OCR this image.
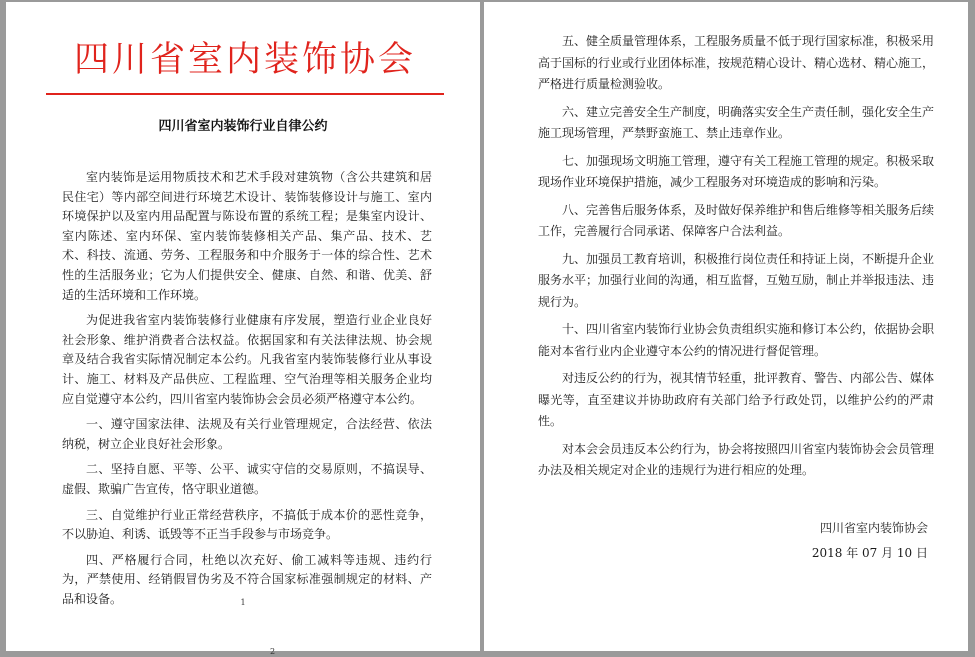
四川省室内装饰协会
四川省室内装饰行业自律公约

室内装饰是运用物质技术和艺术手段对建筑物（含公共建筑和居民住宅）等内部空间进行环境艺术设计、装饰装修设计与施工、室内环境保护以及室内用品配置与陈设布置的系统工程；是集室内设计、室内陈述、室内环保、室内装饰装修相关产品、集产品、技术、艺术、科技、流通、劳务、工程服务和中介服务于一体的综合性、艺术性的生活服务业；它为人们提供安全、健康、自然、和谐、优美、舒适的生活环境和工作环境。

为促进我省室内装饰装修行业健康有序发展，塑造行业企业良好社会形象、维护消费者合法权益。依据国家和有关法律法规、协会规章及结合我省实际情况制定本公约。凡我省室内装饰装修行业从事设计、施工、材料及产品供应、工程监理、空气治理等相关服务企业均应自觉遵守本公约，四川省室内装饰协会会员必须严格遵守本公约。

一、遵守国家法律、法规及有关行业管理规定，合法经营、依法纳税，树立企业良好社会形象。

二、坚持自愿、平等、公平、诚实守信的交易原则，不搞误导、虚假、欺骗广告宣传，恪守职业道德。

三、自觉维护行业正常经营秩序，不搞低于成本价的恶性竞争，不以胁迫、利诱、诋毁等不正当手段参与市场竞争。

四、严格履行合同，杜绝以次充好、偷工减料等违规、违约行为，严禁使用、经销假冒伪劣及不符合国家标准强制规定的材料、产品和设备。	1

五、健全质量管理体系，工程服务质量不低于现行国家标准，积极采用高于国标的行业或行业团体标准，按规范精心设计、精心选材、精心施工，严格进行质量检测验收。

六、建立完善安全生产制度，明确落实安全生产责任制，强化安全生产施工现场管理，严禁野蛮施工、禁止违章作业。

七、加强现场文明施工管理，遵守有关工程施工管理的规定。积极采取现场作业环境保护措施，减少工程服务对环境造成的影响和污染。

八、完善售后服务体系，及时做好保养维护和售后维修等相关服务后续工作，完善履行合同承诺、保障客户合法利益。

九、加强员工教育培训，积极推行岗位责任和持证上岗，不断提升企业服务水平；加强行业间的沟通，相互监督，互勉互励，制止并举报违法、违规行为。

十、四川省室内装饰行业协会负责组织实施和修订本公约，依据协会职能对本省行业内企业遵守本公约的情况进行督促管理。

对违反公约的行为，视其情节轻重，批评教育、警告、内部公告、媒体曝光等，直至建议并协助政府有关部门给予行政处罚，以维护公约的严肃性。

对本会会员违反本公约行为，协会将按照四川省室内装饰协会会员管理办法及相关规定对企业的违规行为进行相应的处理。

四川省室内装饰协会
2018 年 07 月 10 日
2
